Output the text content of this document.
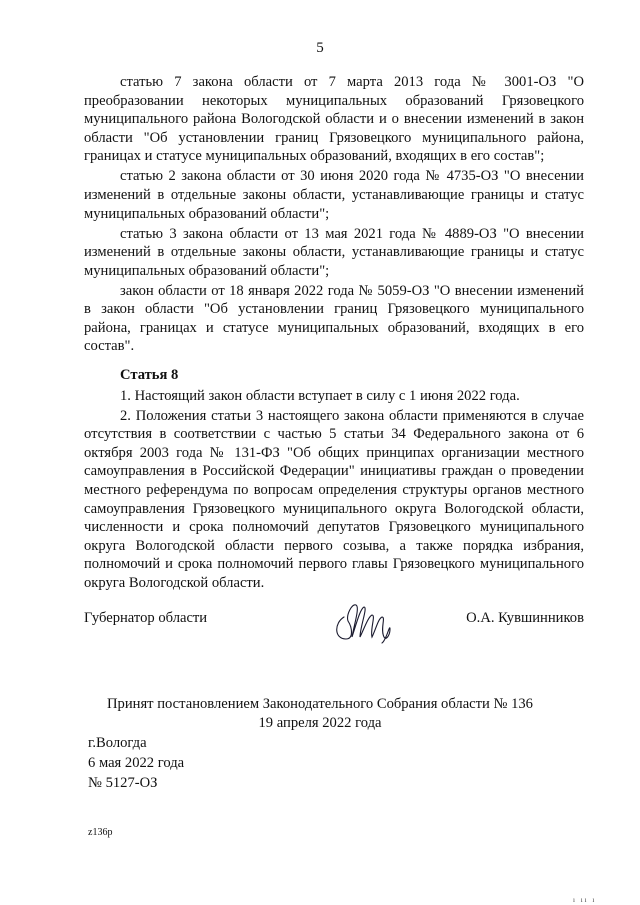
5

статью 7 закона области от 7 марта 2013 года № 3001-ОЗ "О преобразовании некоторых муниципальных образований Грязовецкого муниципального района Вологодской области и о внесении изменений в закон области "Об установлении границ Грязовецкого муниципального района, границах и статусе муниципальных образований, входящих в его состав";

статью 2 закона области от 30 июня 2020 года № 4735-ОЗ "О внесении изменений в отдельные законы области, устанавливающие границы и статус муниципальных образований области";

статью 3 закона области от 13 мая 2021 года № 4889-ОЗ "О внесении изменений в отдельные законы области, устанавливающие границы и статус муниципальных образований области";

закон области от 18 января 2022 года № 5059-ОЗ "О внесении изменений в закон области "Об установлении границ Грязовецкого муниципального района, границах и статусе муниципальных образований, входящих в его состав".

Статья 8

1. Настоящий закон области вступает в силу с 1 июня 2022 года.

2. Положения статьи 3 настоящего закона области применяются в случае отсутствия в соответствии с частью 5 статьи 34 Федерального закона от 6 октября 2003 года № 131-ФЗ "Об общих принципах организации местного самоуправления в Российской Федерации" инициативы граждан о проведении местного референдума по вопросам определения структуры органов местного самоуправления Грязовецкого муниципального округа Вологодской области, численности и срока полномочий депутатов Грязовецкого муниципального округа Вологодской области первого созыва, а также порядка избрания, полномочий и срока полномочий первого главы Грязовецкого муниципального округа Вологодской области.

Губернатор области	О.А. Кувшинников
Принят постановлением Законодательного Собрания области № 136
19 апреля 2022 года
г.Вологда
6 мая 2022 года
№ 5127-ОЗ
z136p
ı ıı ı
